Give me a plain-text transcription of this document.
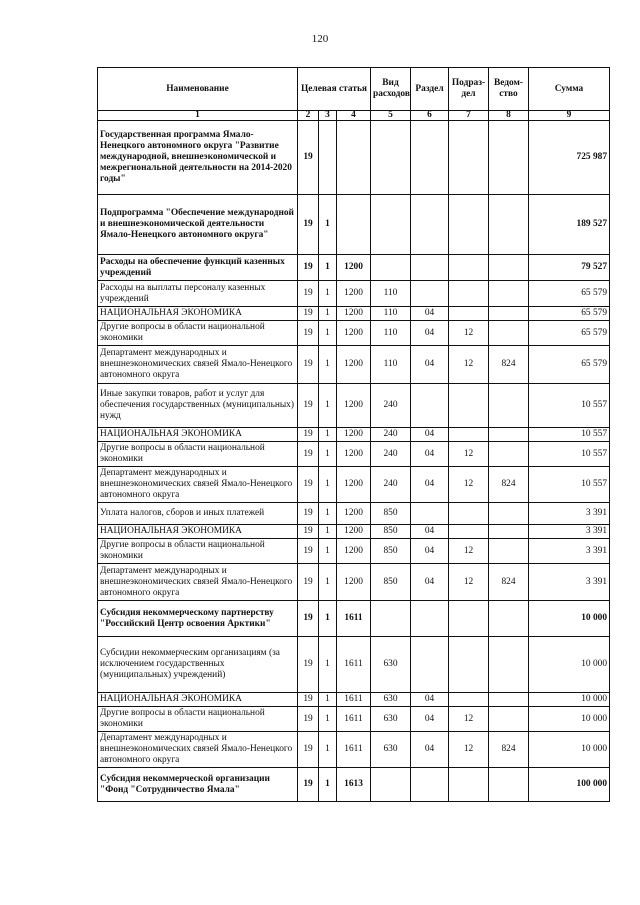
120
Наименование	Целевая статья			Вид расходов	Раздел	Подраз-дел	Ведом-ство	Сумма
1	2	3	4	5	6	7	8	9
Государственная программа Ямало-Ненецкого автономного округа "Развитие международной, внешнеэкономической и межрегиональной деятельности на 2014-2020 годы"	19							725 987
Подпрограмма "Обеспечение международной и внешнеэкономической деятельности Ямало-Ненецкого автономного округа"	19	1						189 527
Расходы на обеспечение функций казенных учреждений	19	1	1200					79 527
Расходы на выплаты персоналу казенных учреждений	19	1	1200	110				65 579
НАЦИОНАЛЬНАЯ ЭКОНОМИКА	19	1	1200	110	04			65 579
Другие вопросы в области национальной экономики	19	1	1200	110	04	12		65 579
Департамент международных и внешнеэкономических связей Ямало-Ненецкого автономного округа	19	1	1200	110	04	12	824	65 579
Иные закупки товаров, работ и услуг для обеспечения государственных (муниципальных) нужд	19	1	1200	240				10 557
НАЦИОНАЛЬНАЯ ЭКОНОМИКА	19	1	1200	240	04			10 557
Другие вопросы в области национальной экономики	19	1	1200	240	04	12		10 557
Департамент международных и внешнеэкономических связей Ямало-Ненецкого автономного округа	19	1	1200	240	04	12	824	10 557
Уплата налогов, сборов и иных платежей	19	1	1200	850				3 391
НАЦИОНАЛЬНАЯ ЭКОНОМИКА	19	1	1200	850	04			3 391
Другие вопросы в области национальной экономики	19	1	1200	850	04	12		3 391
Департамент международных и внешнеэкономических связей Ямало-Ненецкого автономного округа	19	1	1200	850	04	12	824	3 391
Субсидия некоммерческому партнерству "Российский Центр освоения Арктики"	19	1	1611					10 000
Субсидии некоммерческим организациям (за исключением государственных (муниципальных) учреждений)	19	1	1611	630				10 000
НАЦИОНАЛЬНАЯ ЭКОНОМИКА	19	1	1611	630	04			10 000
Другие вопросы в области национальной экономики	19	1	1611	630	04	12		10 000
Департамент международных и внешнеэкономических связей Ямало-Ненецкого автономного округа	19	1	1611	630	04	12	824	10 000
Субсидия некоммерческой организации "Фонд "Сотрудничество Ямала"	19	1	1613					100 000
